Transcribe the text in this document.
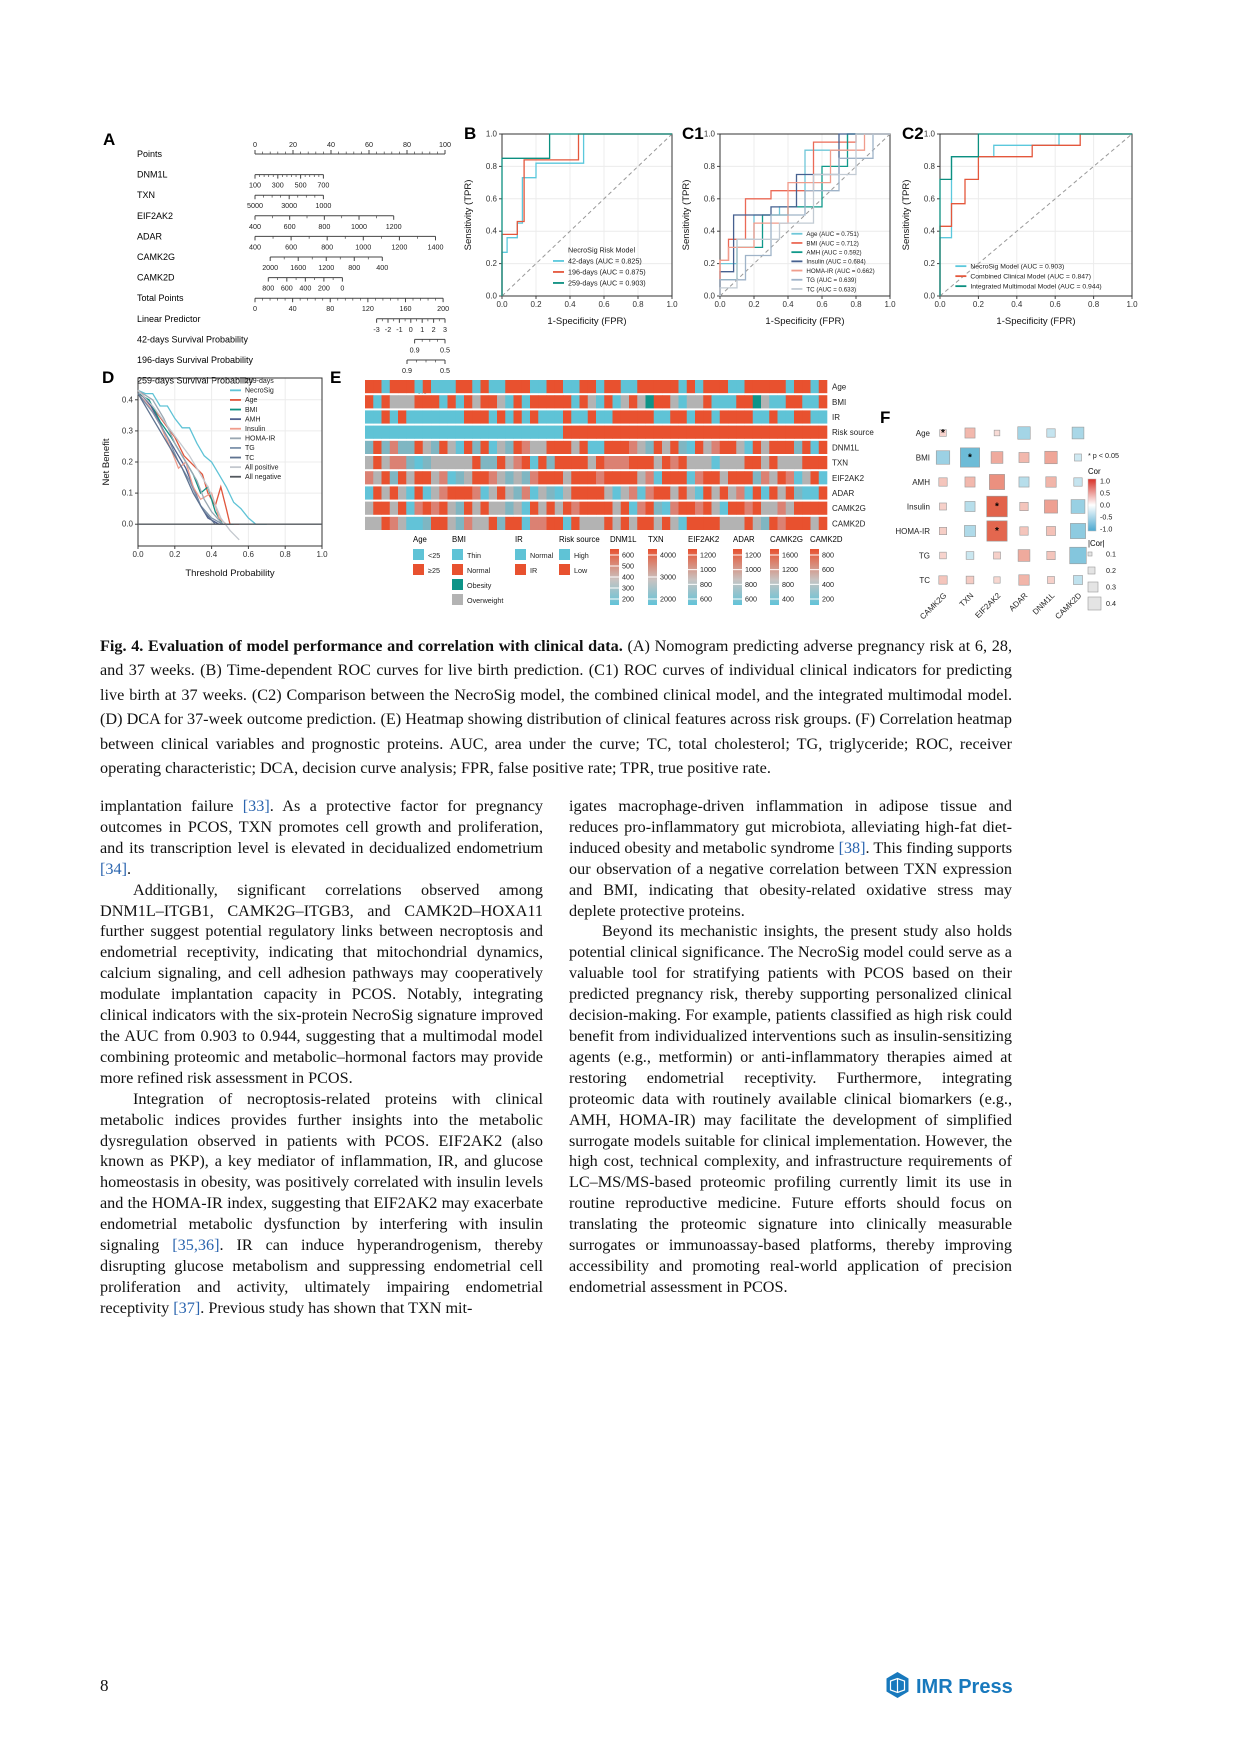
A
Points
0	20	40	60	80	100
DNM1L
100 300 500 700
TXN
5000	3000	1000
EIF2AK2
400	600	800	1000	1200
ADAR
400	600	800	1000	1200	1400
CAMK2G
2000 1600 1200 800 400
CAMK2D
800 600 400 200 0
Total Points
0	40	80	120	160	200
Linear Predictor
-3 -2 -1 0 1 2 3
42-days Survival Probability
0.9	0.5
196-days Survival Probability
0.9	0.5
259-days Survival Probability
B
0.0	0.2	0.4	0.6	0.8	1.0
0.0
0.2
0.4
0.6
0.8
1.0
NecroSig Risk Model
42-days (AUC = 0.825)
196-days (AUC = 0.875)
259-days (AUC = 0.903)
1-Specificity (FPR)
Sensitivity (TPR)
C1
0.0	0.2	0.4	0.6	0.8	1.0
0.0
0.2
0.4
0.6
0.8
1.0
Age (AUC = 0.751)
BMI (AUC = 0.712)
AMH (AUC = 0.592)
Insulin (AUC = 0.684)
HOMA-IR (AUC = 0.662)
TG (AUC = 0.639)
TC (AUC = 0.633)
1-Specificity (FPR)
Sensitivity (TPR)
C2
0.0	0.2	0.4	0.6	0.8	1.0
0.0
0.2
0.4
0.6
0.8
1.0
NecroSig Model (AUC = 0.903)
Combined Clinical Model (AUC = 0.847)
Integrated Multimodal Model (AUC = 0.944)
1-Specificity (FPR)
Sensitivity (TPR)
D
0.0	0.2	0.4	0.6	0.8	1.0
0.0
0.1
0.2
0.3
0.4
259-days
NecroSig
Age
BMI
AMH
Insulin
HOMA-IR
TG
TC
All positive
All negative
Threshold Probability
Net Benefit
E
Age
BMI
IR
Risk source
DNM1L
TXN
EIF2AK2
ADAR
CAMK2G
CAMK2D
Age
<25
≥25
BMI
Thin
Normal
Obesity
Overweight
IR
Normal
IR
Risk source
High
Low
DNM1L
600
500
400
300
200
TXN
4000
3000
2000
EIF2AK2
1200
1000
800
600
ADAR
1200
1000
800
600
CAMK2G
1600
1200
800
400
CAMK2D
800
600
400
200
F
Age *
BMI	*
AMH
Insulin	*
HOMA-IR	*
TG
TC
CAMK2G TXN
EIF2AK2 ADAR DNM1L
CAMK2D
* p < 0.05
Cor
1.0
0.5
0.0
-0.5
-1.0
|Cor|
0.1
0.2
0.3
0.4
Fig. 4. Evaluation of model performance and correlation with clinical data. (A) Nomogram predicting adverse pregnancy risk at 6, 28, and 37 weeks. (B) Time-dependent ROC curves for live birth prediction. (C1) ROC curves of individual clinical indicators for predicting live birth at 37 weeks. (C2) Comparison between the NecroSig model, the combined clinical model, and the integrated multimodal model. (D) DCA for 37-week outcome prediction. (E) Heatmap showing distribution of clinical features across risk groups. (F) Correlation heatmap between clinical variables and prognostic proteins. AUC, area under the curve; TC, total cholesterol; TG, triglyceride; ROC, receiver operating characteristic; DCA, decision curve analysis; FPR, false positive rate; TPR, true positive rate.

implantation failure [33]. As a protective factor for pregnancy outcomes in PCOS, TXN promotes cell growth and proliferation, and its transcription level is elevated in decidualized endometrium [34].

Additionally, significant correlations observed among DNM1L–ITGB1, CAMK2G–ITGB3, and CAMK2D–HOXA11 further suggest potential regulatory links between necroptosis and endometrial receptivity, indicating that mitochondrial dynamics, calcium signaling, and cell adhesion pathways may cooperatively modulate implantation capacity in PCOS. Notably, integrating clinical indicators with the six-protein NecroSig signature improved the AUC from 0.903 to 0.944, suggesting that a multimodal model combining proteomic and metabolic–hormonal factors may provide more refined risk assessment in PCOS.

Integration of necroptosis-related proteins with clinical metabolic indices provides further insights into the metabolic dysregulation observed in patients with PCOS. EIF2AK2 (also known as PKP), a key mediator of inflammation, IR, and glucose homeostasis in obesity, was positively correlated with insulin levels and the HOMA-IR index, suggesting that EIF2AK2 may exacerbate endometrial metabolic dysfunction by interfering with insulin signaling [35,36]. IR can induce hyperandrogenism, thereby disrupting glucose metabolism and suppressing endometrial cell proliferation and activity, ultimately impairing endometrial receptivity [37]. Previous study has shown that TXN mit-

igates macrophage-driven inflammation in adipose tissue and reduces pro-inflammatory gut microbiota, alleviating high-fat diet-induced obesity and metabolic syndrome [38]. This finding supports our observation of a negative correlation between TXN expression and BMI, indicating that obesity-related oxidative stress may deplete protective proteins.

Beyond its mechanistic insights, the present study also holds potential clinical significance. The NecroSig model could serve as a valuable tool for stratifying patients with PCOS based on their predicted pregnancy risk, thereby supporting personalized clinical decision-making. For example, patients classified as high risk could benefit from individualized interventions such as insulin-sensitizing agents (e.g., metformin) or anti-inflammatory therapies aimed at restoring endometrial receptivity. Furthermore, integrating proteomic data with routinely available clinical biomarkers (e.g., AMH, HOMA-IR) may facilitate the development of simplified surrogate models suitable for clinical implementation. However, the high cost, technical complexity, and infrastructure requirements of LC–MS/MS-based proteomic profiling currently limit its use in routine reproductive medicine. Future efforts should focus on translating the proteomic signature into clinically measurable surrogates or immunoassay-based platforms, thereby improving accessibility and promoting real-world application of precision endometrial assessment in PCOS.

8	IMR Press
